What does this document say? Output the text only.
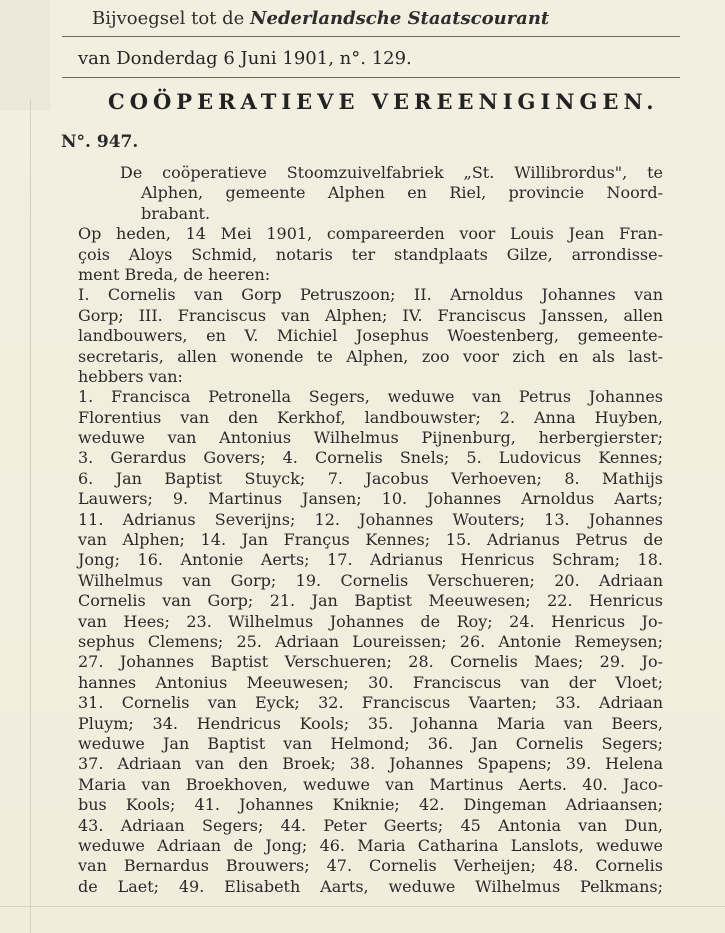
Bijvoegsel tot de Nederlandsche Staatscourant
van Donderdag 6 Juni 1901, n°. 129.
COÖPERATIEVE VEREENIGINGEN.
N°. 947.
De coöperatieve Stoomzuivelfabriek „St. Willibrordus", te
Alphen, gemeente Alphen en Riel, provincie Noord-
brabant.
Op heden, 14 Mei 1901, compareerden voor Louis Jean Fran-
çois Aloys Schmid, notaris ter standplaats Gilze, arrondisse-
ment Breda, de heeren:
I. Cornelis van Gorp Petruszoon; II. Arnoldus Johannes van
Gorp; III. Franciscus van Alphen; IV. Franciscus Janssen, allen
landbouwers, en V. Michiel Josephus Woestenberg, gemeente-
secretaris, allen wonende te Alphen, zoo voor zich en als last-
hebbers van:
1. Francisca Petronella Segers, weduwe van Petrus Johannes
Florentius van den Kerkhof, landbouwster; 2. Anna Huyben,
weduwe van Antonius Wilhelmus Pijnenburg, herbergierster;
3. Gerardus Govers; 4. Cornelis Snels; 5. Ludovicus Kennes;
6. Jan Baptist Stuyck; 7. Jacobus Verhoeven; 8. Mathijs
Lauwers; 9. Martinus Jansen; 10. Johannes Arnoldus Aarts;
11. Adrianus Severijns; 12. Johannes Wouters; 13. Johannes
van Alphen; 14. Jan Françus Kennes; 15. Adrianus Petrus de
Jong; 16. Antonie Aerts; 17. Adrianus Henricus Schram; 18.
Wilhelmus van Gorp; 19. Cornelis Verschueren; 20. Adriaan
Cornelis van Gorp; 21. Jan Baptist Meeuwesen; 22. Henricus
van Hees; 23. Wilhelmus Johannes de Roy; 24. Henricus Jo-
sephus Clemens; 25. Adriaan Loureissen; 26. Antonie Remeysen;
27. Johannes Baptist Verschueren; 28. Cornelis Maes; 29. Jo-
hannes Antonius Meeuwesen; 30. Franciscus van der Vloet;
31. Cornelis van Eyck; 32. Franciscus Vaarten; 33. Adriaan
Pluym; 34. Hendricus Kools; 35. Johanna Maria van Beers,
weduwe Jan Baptist van Helmond; 36. Jan Cornelis Segers;
37. Adriaan van den Broek; 38. Johannes Spapens; 39. Helena
Maria van Broekhoven, weduwe van Martinus Aerts. 40. Jaco-
bus Kools; 41. Johannes Kniknie; 42. Dingeman Adriaansen;
43. Adriaan Segers; 44. Peter Geerts; 45 Antonia van Dun,
weduwe Adriaan de Jong; 46. Maria Catharina Lanslots, weduwe
van Bernardus Brouwers; 47. Cornelis Verheijen; 48. Cornelis
de Laet; 49. Elisabeth Aarts, weduwe Wilhelmus Pelkmans;
